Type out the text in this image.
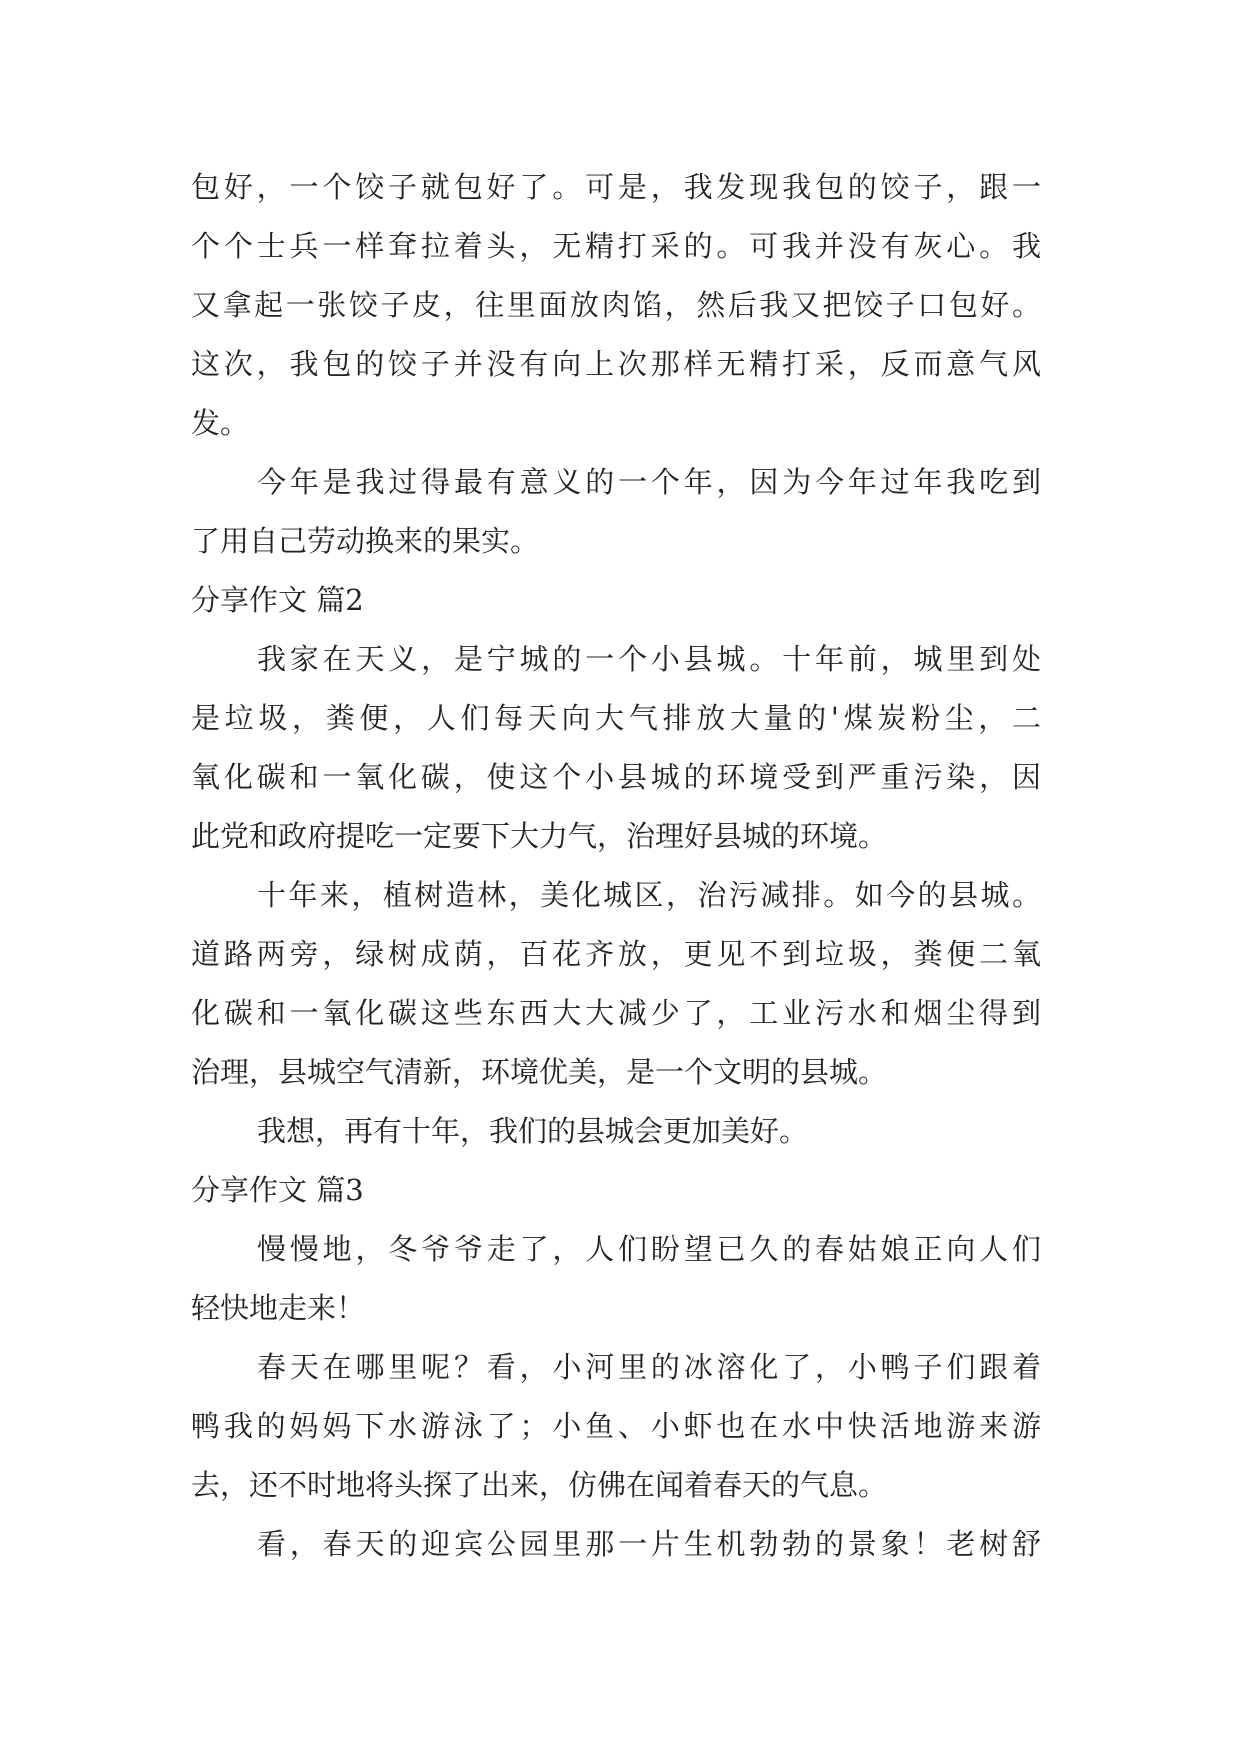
包好，一个饺子就包好了。可是，我发现我包的饺子，跟一
个个士兵一样耷拉着头，无精打采的。可我并没有灰心。我
又拿起一张饺子皮，往里面放肉馅，然后我又把饺子口包好。
这次，我包的饺子并没有向上次那样无精打采，反而意气风
发。
今年是我过得最有意义的一个年，因为今年过年我吃到
了用自己劳动换来的果实。
分享作文 篇2
我家在天义，是宁城的一个小县城。十年前，城里到处
是垃圾，粪便，人们每天向大气排放大量的'煤炭粉尘，二
氧化碳和一氧化碳，使这个小县城的环境受到严重污染，因
此党和政府提吃一定要下大力气，治理好县城的环境。
十年来，植树造林，美化城区，治污减排。如今的县城。
道路两旁，绿树成荫，百花齐放，更见不到垃圾，粪便二氧
化碳和一氧化碳这些东西大大减少了，工业污水和烟尘得到
治理，县城空气清新，环境优美，是一个文明的县城。
我想，再有十年，我们的县城会更加美好。
分享作文 篇3
慢慢地，冬爷爷走了，人们盼望已久的春姑娘正向人们
轻快地走来！
春天在哪里呢？看，小河里的冰溶化了，小鸭子们跟着
鸭我的妈妈下水游泳了；小鱼、小虾也在水中快活地游来游
去，还不时地将头探了出来，仿佛在闻着春天的气息。
看，春天的迎宾公园里那一片生机勃勃的景象！老树舒
